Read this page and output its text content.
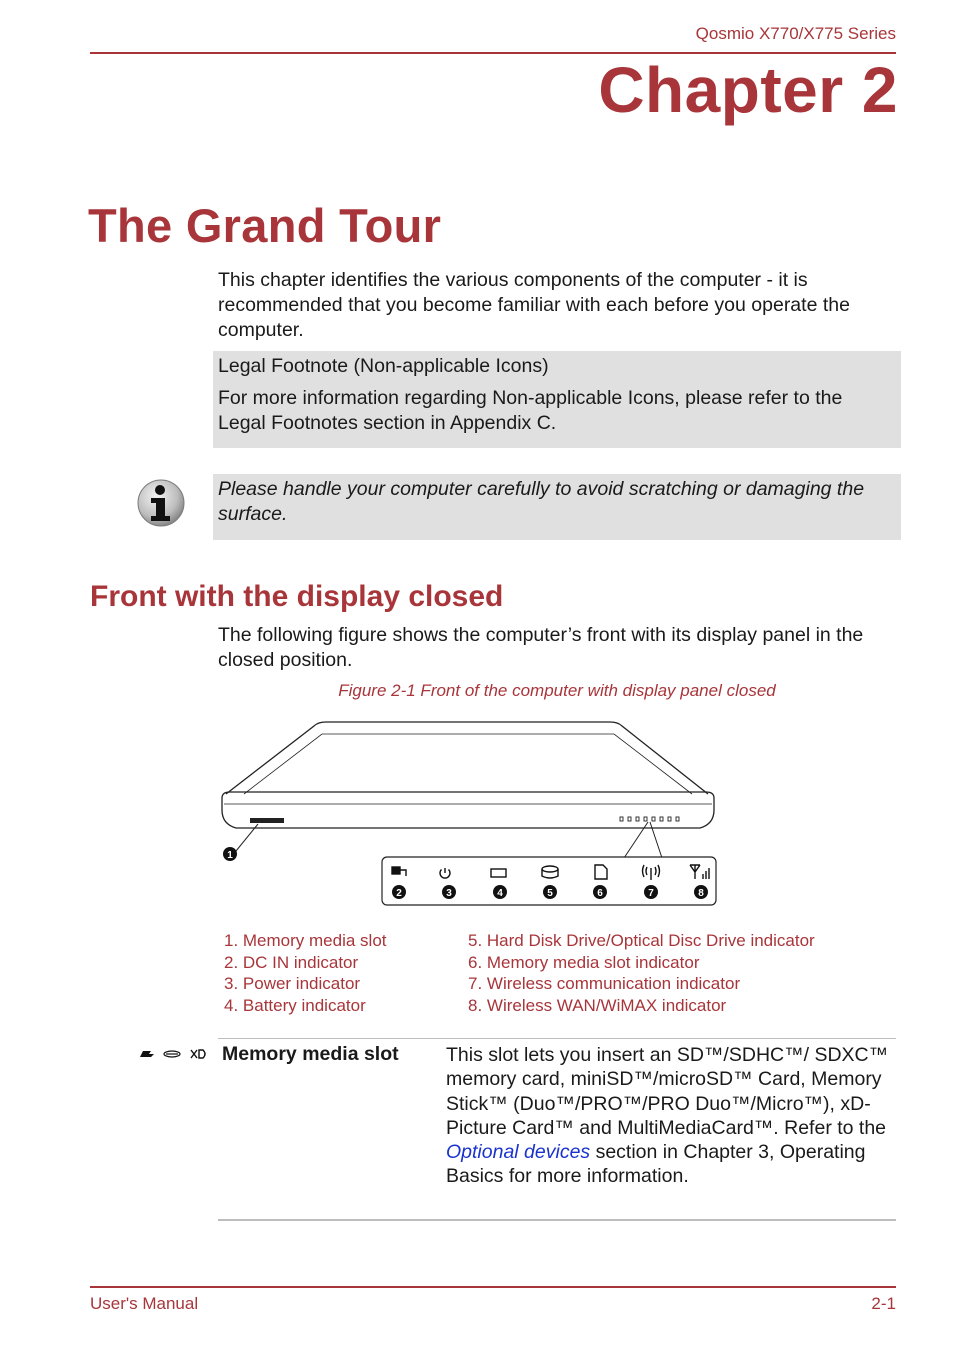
Qosmio X770/X775 Series
Chapter 2
The Grand Tour
This chapter identifies the various components of the computer - it is recommended that you become familiar with each before you operate the computer.
Legal Footnote (Non-applicable Icons)
For more information regarding Non-applicable Icons, please refer to the Legal Footnotes section in Appendix C.
Please handle your computer carefully to avoid scratching or damaging the surface.
Front with the display closed
The following figure shows the computer’s front with its display panel in the closed position.
Figure 2-1 Front of the computer with display panel closed
1
2	3	4	5	6	7	8
1. Memory media slot
2. DC IN indicator
3. Power indicator
4. Battery indicator
5. Hard Disk Drive/Optical Disc Drive indicator
6. Memory media slot indicator
7. Wireless communication indicator
8. Wireless WAN/WiMAX indicator
Memory media slot This slot lets you insert an SD™/SDHC™/ SDXC™ memory card, miniSD™/microSD™ Card, Memory Stick™ (Duo™/PRO™/PRO Duo™/Micro™), xD-Picture Card™ and MultiMediaCard™. Refer to the Optional devices section in Chapter 3, Operating Basics for more information.
User's Manual	2-1
